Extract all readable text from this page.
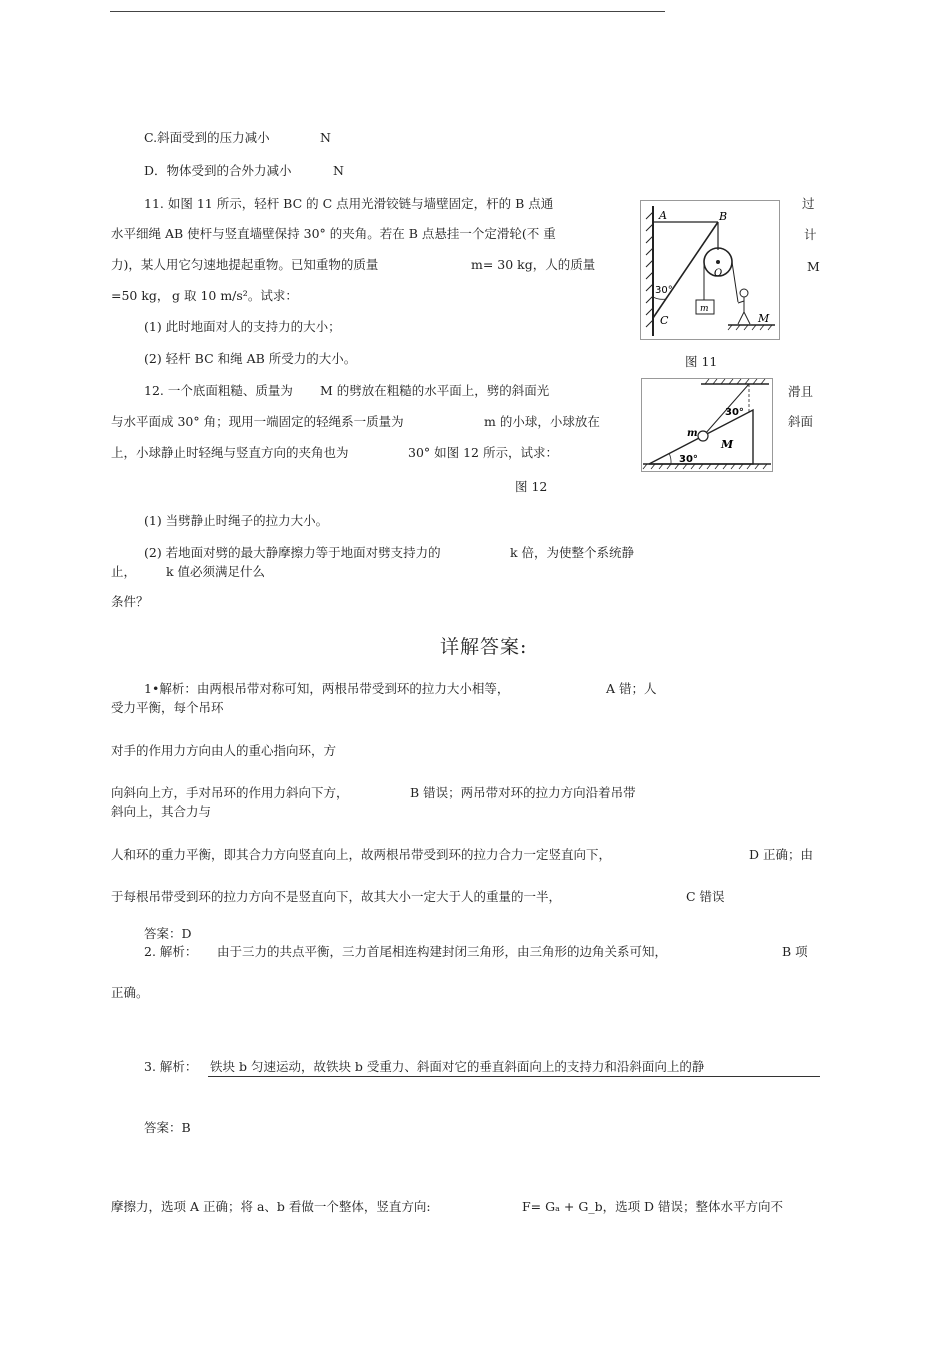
C.斜面受到的压力减小	N
D．物体受到的合外力减小	N
11. 如图 11 所示，轻杆 BC 的 C 点用光滑铰链与墙壁固定，杆的 B 点通	过
水平细绳 AB 使杆与竖直墙壁保持 30° 的夹角。若在 B 点悬挂一个定滑轮(不 重	计
力)，某人用它匀速地提起重物。已知重物的质量	m= 30 kg，人的质量	M
=50 kg， g 取 10 m/s²。试求：
(1) 此时地面对人的支持力的大小；
(2) 轻杆 BC 和绳 AB 所受力的大小。
A	B
O
30°
C
m
M
图 11
12. 一个底面粗糙、质量为 M 的劈放在粗糙的水平面上，劈的斜面光	滑且
与水平面成 30° 角；现用一端固定的轻绳系一质量为	m 的小球，小球放在	斜面
上，小球静止时轻绳与竖直方向的夹角也为	30° 如图 12 所示，试求：
30°
m
M
30°
图 12
(1) 当劈静止时绳子的拉力大小。
(2) 若地面对劈的最大静摩擦力等于地面对劈支持力的	k 倍，为使整个系统静
止， k 值必须满足什么
条件？
详解答案:
1•解析：由两根吊带对称可知，两根吊带受到环的拉力大小相等，	A 错；人
受力平衡，每个吊环
对手的作用力方向由人的重心指向环，方
向斜向上方，手对吊环的作用力斜向下方，	B 错误；两吊带对环的拉力方向沿着吊带
斜向上，其合力与
人和环的重力平衡，即其合力方向竖直向上，故两根吊带受到环的拉力合力一定竖直向下，	D 正确；由
于每根吊带受到环的拉力方向不是竖直向下，故其大小一定大于人的重量的一半，	C 错误
答案：D
2. 解析： 由于三力的共点平衡，三力首尾相连构建封闭三角形，由三角形的边角关系可知，	B 项
正确。
3. 解析： 铁块 b 匀速运动，故铁块 b 受重力、斜面对它的垂直斜面向上的支持力和沿斜面向上的静
答案：B
摩擦力，选项 A 正确；将 a、b 看做一个整体，竖直方向:	F= Gₐ + G_b，选项 D 错误；整体水平方向不
